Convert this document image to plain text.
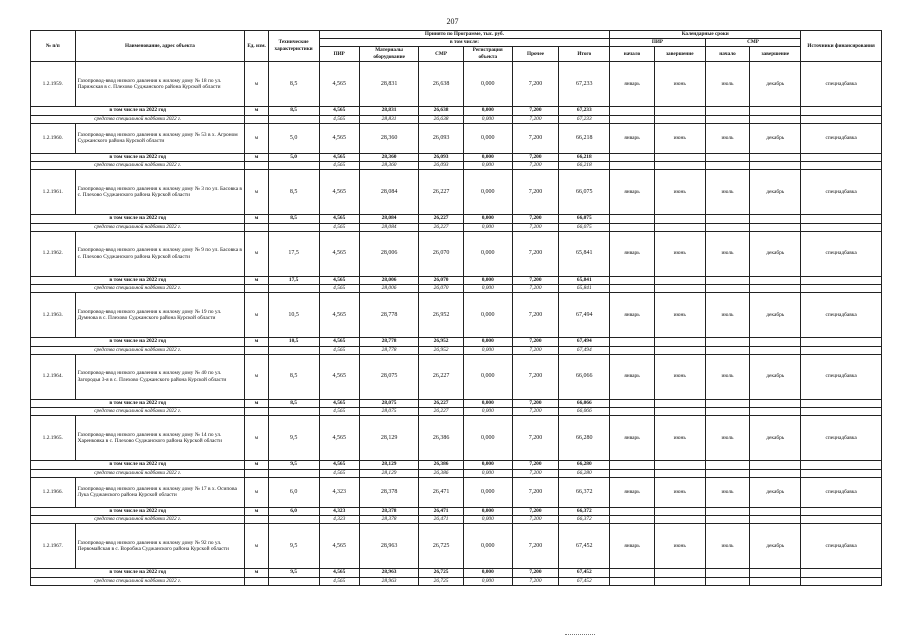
207
№ п/п	Наименование, адрес объекта	Ед. изм.	Технические характеристики	Принято по Программе, тыс. руб.						Календарные сроки				Источники финансирования
				в том числе:						ПИР		СМР		
				ПИР	Материалы оборудование	СМР	Регистрация объекта	Прочее	Итого	начало	завершение	начало	завершение	
1.2.1959.	Газопровод-ввод низкого давления к жилому дому № 18 по ул. Парижская в с. Плехово Суджанского района Курской области	м	8,5	4,565	28,831	26,638	0,000	7,200	67,233	январь	июнь	июль	декабрь	спецнадбавка
в том числе на 2022 год		м	8,5	4,565	28,831	26,638	0,000	7,200	67,233					
средства специальной надбавки 2022 г.				4,565	28,831	26,638	0,000	7,200	67,233					
1.2.1960.	Газопровод-ввод низкого давления к жилому дому № 53 в х. Агроном Суджанского района Курской области	м	5,0	4,565	28,360	26,093	0,000	7,200	66,218	январь	июнь	июль	декабрь	спецнадбавка
в том числе на 2022 год		м	5,0	4,565	28,360	26,093	0,000	7,200	66,218					
средства специальной надбавки 2022 г.				4,565	28,360	26,093	0,000	7,200	66,218					
1.2.1961.	Газопровод-ввод низкого давления к жилому дому № 3 по ул. Басовка в с. Плехово Суджанского района Курской области	м	8,5	4,565	28,084	26,227	0,000	7,200	66,075	январь	июнь	июль	декабрь	спецнадбавка
в том числе на 2022 год		м	8,5	4,565	28,084	26,227	0,000	7,200	66,075					
средства специальной надбавки 2022 г.				4,565	28,084	26,227	0,000	7,200	66,075					
1.2.1962.	Газопровод-ввод низкого давления к жилому дому № 9 по ул. Басовка в с. Плехово Суджанского района Курской области	м	17,5	4,565	28,006	26,070	0,000	7,200	65,841	январь	июнь	июль	декабрь	спецнадбавка
в том числе на 2022 год		м	17,5	4,565	28,006	26,070	0,000	7,200	65,841					
средства специальной надбавки 2022 г.				4,565	28,006	26,070	0,000	7,200	65,841					
1.2.1963.	Газопровод-ввод низкого давления к жилому дому № 19 по ул. Думнова в с. Плехово Суджанского района Курской области	м	10,5	4,565	28,778	26,952	0,000	7,200	67,494	январь	июнь	июль	декабрь	спецнадбавка
в том числе на 2022 год		м	10,5	4,565	28,778	26,952	0,000	7,200	67,494					
средства специальной надбавки 2022 г.				4,565	28,778	26,952	0,000	7,200	67,494					
1.2.1964.	Газопровод-ввод низкого давления к жилому дому № 40 по ул. Загородья 3-я в с. Плехово Суджанского района Курской области	м	8,5	4,565	28,075	26,227	0,000	7,200	66,066	январь	июнь	июль	декабрь	спецнадбавка
в том числе на 2022 год		м	8,5	4,565	28,075	26,227	0,000	7,200	66,066					
средства специальной надбавки 2022 г.				4,565	28,075	26,227	0,000	7,200	66,066					
1.2.1965.	Газопровод-ввод низкого давления к жилому дому № 14 по ул. Харенковка в с. Плехово Суджанского района Курской области	м	9,5	4,565	28,129	26,386	0,000	7,200	66,280	январь	июнь	июль	декабрь	спецнадбавка
в том числе на 2022 год		м	9,5	4,565	28,129	26,386	0,000	7,200	66,280					
средства специальной надбавки 2022 г.				4,565	28,129	26,386	0,000	7,200	66,280					
1.2.1966.	Газопровод-ввод низкого давления к жилому дому № 17 в х. Осипова Лука Суджанского района Курской области	м	6,0	4,323	28,378	26,471	0,000	7,200	66,372	январь	июнь	июль	декабрь	спецнадбавка
в том числе на 2022 год		м	6,0	4,323	28,378	26,471	0,000	7,200	66,372					
средства специальной надбавки 2022 г.				4,323	28,378	26,471	0,000	7,200	66,372					
1.2.1967.	Газопровод-ввод низкого давления к жилому дому № 92 по ул. Первомайская в с. Воробжа Суджанского района Курской области	м	9,5	4,565	28,963	26,725	0,000	7,200	67,452	январь	июнь	июль	декабрь	спецнадбавка
в том числе на 2022 год		м	9,5	4,565	28,963	26,725	0,000	7,200	67,452					
средства специальной надбавки 2022 г.				4,565	28,963	26,725	0,000	7,200	67,452					
